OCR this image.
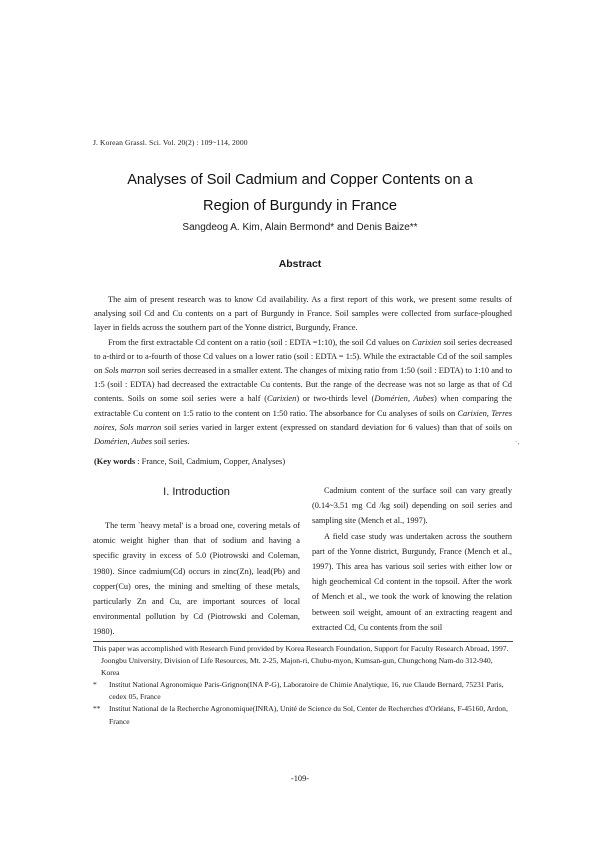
J. Korean Grassl. Sci. Vol. 20(2) : 109~114, 2000
Analyses of Soil Cadmium and Copper Contents on a
Region of Burgundy in France
Sangdeog A. Kim, Alain Bermond* and Denis Baize**
Abstract

The aim of present research was to know Cd availability. As a first report of this work, we present some results of analysing soil Cd and Cu contents on a part of Burgundy in France. Soil samples were collected from surface-ploughed layer in fields across the southern part of the Yonne district, Burgundy, France.

From the first extractable Cd content on a ratio (soil : EDTA =1:10), the soil Cd values on Carixien soil series decreased to a-third or to a-fourth of those Cd values on a lower ratio (soil : EDTA = 1:5). While the extractable Cd of the soil samples on Sols marron soil series decreased in a smaller extent. The changes of mixing ratio from 1:50 (soil : EDTA) to 1:10 and to 1:5 (soil : EDTA) had decreased the extractable Cu contents. But the range of the decrease was not so large as that of Cd contents. Soils on some soil series were a half (Carixien) or two-thirds level (Domérien, Aubes) when comparing the extractable Cu content on 1:5 ratio to the content on 1:50 ratio. The absorbance for Cu analyses of soils on Carixien, Terres noires, Sols marron soil series varied in larger extent (expressed on standard deviation for 6 values) than that of soils on Domérien, Aubes soil series.

(Key words : France, Soil, Cadmium, Copper, Analyses)
·‚
I. Introduction

The term `heavy metal' is a broad one, covering metals of atomic weight higher than that of sodium and having a specific gravity in excess of 5.0 (Piotrowski and Coleman, 1980). Since cadmium(Cd) occurs in zinc(Zn), lead(Pb) and copper(Cu) ores, the mining and smelting of these metals, particularly Zn and Cu, are important sources of local environmental pollution by Cd (Piotrowski and Coleman, 1980).

Cadmium content of the surface soil can vary greatly (0.14~3.51 mg Cd /kg soil) depending on soil series and sampling site (Mench et al., 1997).

A field case study was undertaken across the southern part of the Yonne district, Burgundy, France (Mench et al., 1997). This area has various soil series with either low or high geochemical Cd content in the topsoil. After the work of Mench et al., we took the work of knowing the relation between soil weight, amount of an extracting reagent and extracted Cd, Cu contents from the soil

This paper was accomplished with Research Fund provided by Korea Research Foundation, Support for Faculty Research Abroad, 1997.
Joongbu University, Division of Life Resources, Mt. 2-25, Majon-ri, Chubu-myon, Kumsan-gun, Chungchong Nam-do 312-940, Korea
*	Institut National Agronomique Paris-Grignon(INA P-G), Laboratoire de Chimie Analytique, 16, rue Claude Bernard, 75231 Paris, cedex 05, France
**	Institut National de la Recherche Agronomique(INRA), Unité de Science du Sol, Center de Recherches d'Orléans, F-45160, Ardon, France
-109-
